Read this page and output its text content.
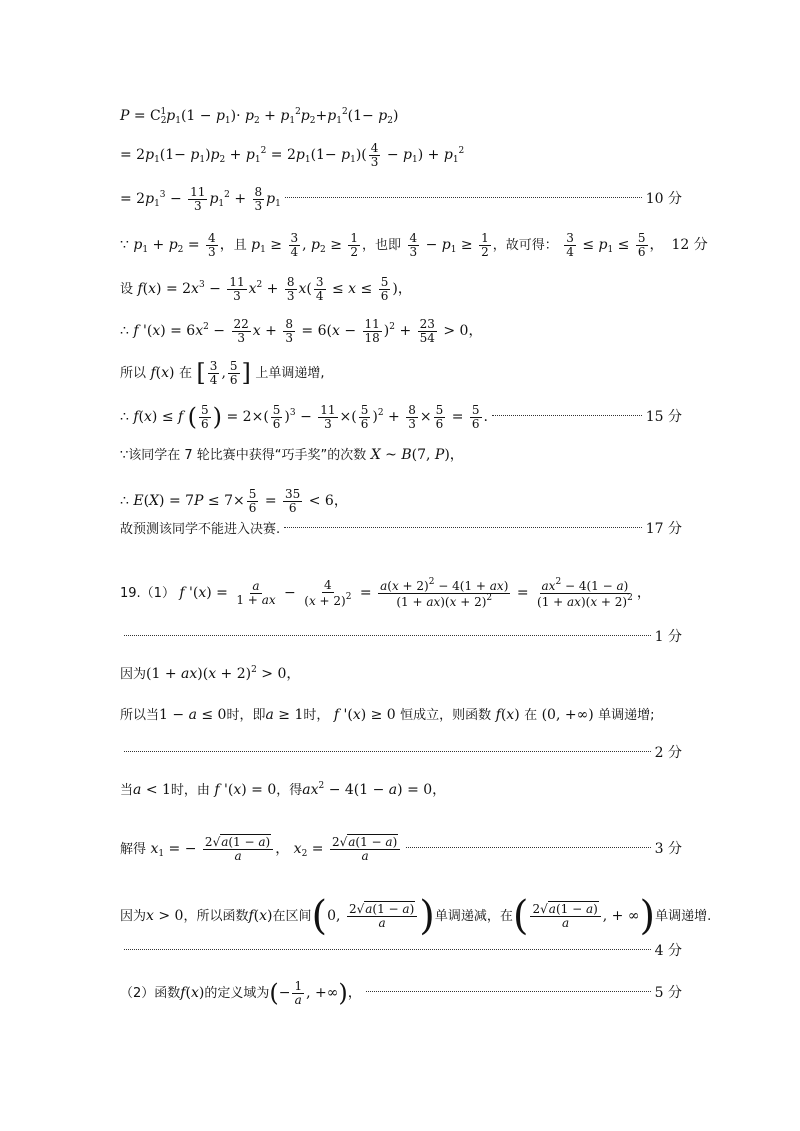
$P = C_2^1p_1(1 - p_1)\cdot p_2 + p_1^2p_2+p_1^2(1- p_2)$
= $2p_1(1- p_1)p_2 + p_1^2 = 2p_1(1- p_1)( \frac{4}{3} - p_1) + p_1^2$
= $2p_1^3 - \frac{11}{3} p_1^2 + \frac{8}{3} p_1$	10 分
∵ $p_1 + p_2 = \frac{4}{3}$ ，且 $p_1 \ge \frac{3}{4}$ , $p_2 \ge \frac{1}{2}$ ，也即 $\frac{4}{3} - p_1 \ge \frac{1}{2}$ ，故可得： $\frac{3}{4} \le p_1 \le \frac{5}{6}$ ， 12 分
设 $f(x) = 2x^3 - \frac{11}{3} x^2 + \frac{8}{3} x( \frac{3}{4} \le x \le \frac{5}{6}$ )，
∴ f '$(x) = 6x^2 - \frac{22}{3}$ $x + \frac{8}{3} = 6(x - \frac{11}{18} )^2 + \frac{23}{54} > 0$，
所以 f(x) 在 [ $\frac{3}{4}$ , $\frac{5}{6}$ ] 上单调递增,
∴ f(x) ≤ f ( $\frac{5}{6}$ ) = $2\times( \frac{5}{6} )^3 - \frac{11}{3}$ ×( $\frac{5}{6} )^2 + \frac{8}{3} \times \frac{5}{6} = \frac{5}{6}$ .	15 分
∵该同学在 7 轮比赛中获得“巧手奖”的次数 X ~ B(7, P)，
∴ $E(X) = 7P \le 7\times \frac{5}{6} = \frac{35}{6} < 6$，
故预测该同学不能进入决赛.	17 分
19.（1） f '$(x) = \frac{a}{1 + ax} - \frac{4}{(x + 2)^2} = \frac{a(x + 2)^2 - 4(1 + ax)}{(1 + ax)(x + 2)^2} = \frac{ax^2 - 4(1 - a)}{(1 + ax)(x + 2)^2}$ ，
1 分
因为$(1 + ax)(x + 2)^2 > 0$，
所以当1 − a ≤ 0时，即a ≥ 1时， f '(x) ≥ 0 恒成立，则函数 f(x) 在 (0, +∞) 单调递增;
2 分
当a < 1时，由 f '(x) = 0，得$ax^2 - 4(1 - a) = 0$，
解得 $x_1$ = − $\frac{2√a(1 - a)}{a}$ ， $x_2 = \frac{2√a(1 - a)}{a}$	3 分
因为x > 0，所以函数f(x)在区间(0, $\frac{2√a(1 - a)}{a}$ )单调递减，在( $\frac{2√a(1 - a)}{a}$ , + ∞)单调递增.
4 分
（2）函数f(x)的定义域为(− $\frac{1}{a}$ , +∞)，	5 分
